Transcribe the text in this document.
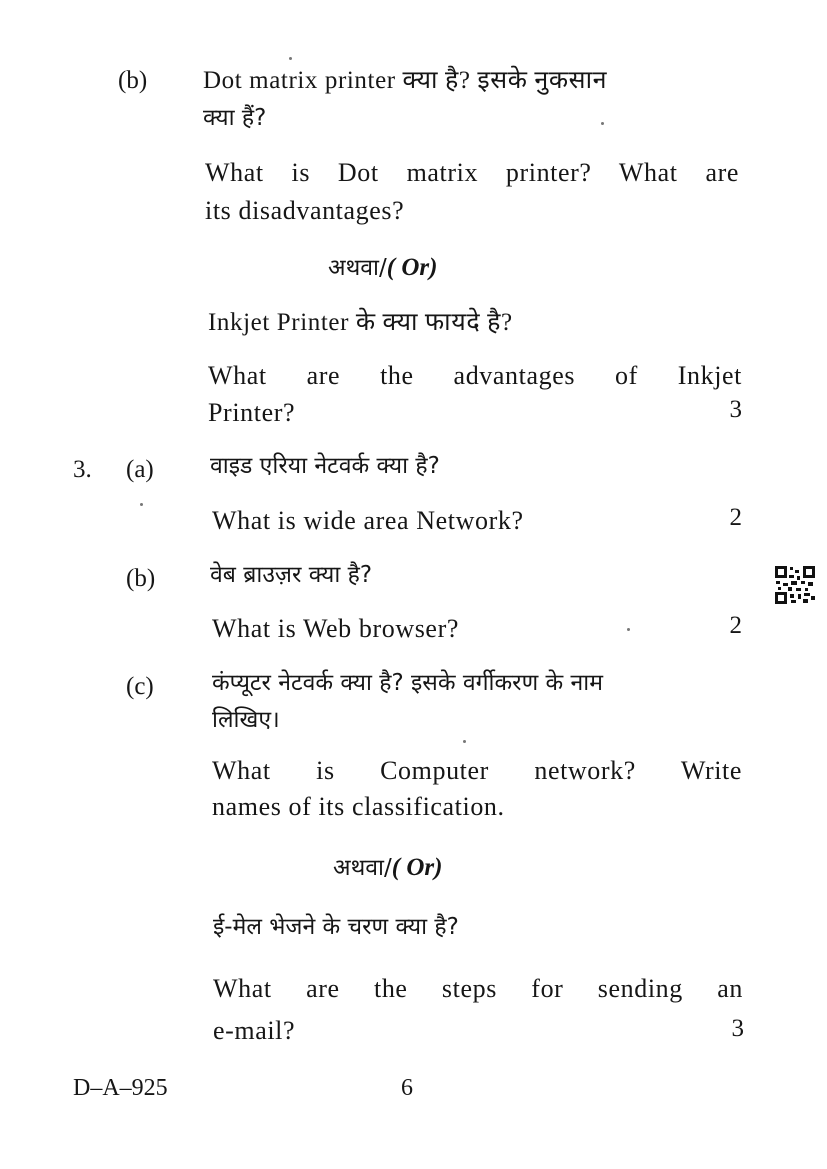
(b) Dot matrix printer क्या है? इसके नुकसान
क्या हैं?
What is Dot matrix printer? What are
its disadvantages?
अथवा/( Or)
Inkjet Printer के क्या फायदे है?
What are the advantages of Inkjet
Printer?	3
3. (a) वाइड एरिया नेटवर्क क्या है?
What is wide area Network?	2
(b) वेब ब्राउज़र क्या है?
What is Web browser?	2
(c)	कंप्यूटर नेटवर्क क्या है? इसके वर्गीकरण के नाम
लिखिए।
What is Computer network? Write
names of its classification.
अथवा/( Or)
ई-मेल भेजने के चरण क्या है?
What are the steps for sending an
e-mail?	3
D–A–925	6
